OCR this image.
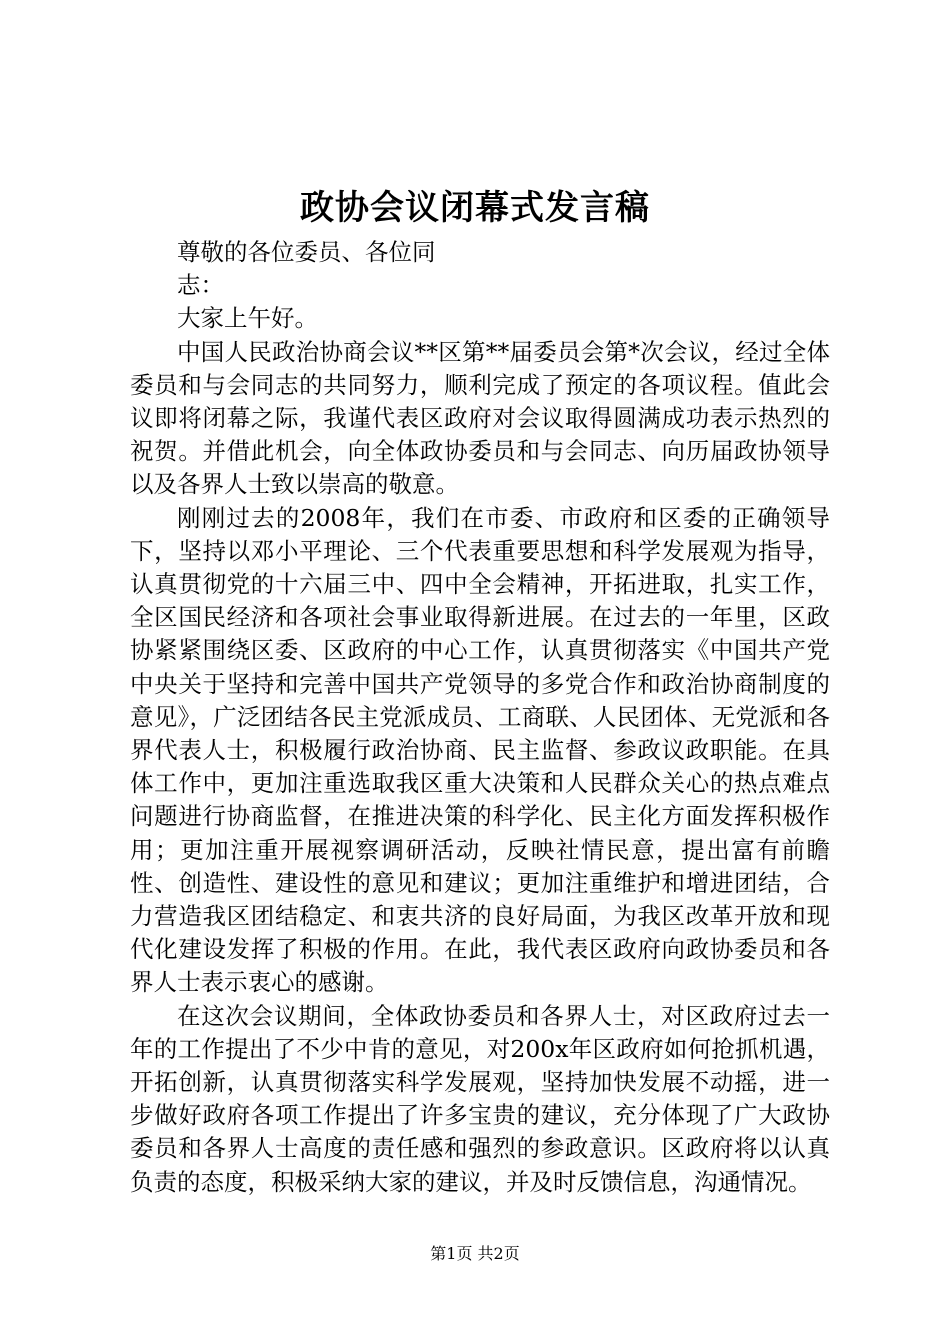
政协会议闭幕式发言稿

尊敬的各位委员、各位同志：

大家上午好。

中国人民政治协商会议**区第**届委员会第*次会议，经过全体委员和与会同志的共同努力，顺利完成了预定的各项议程。值此会议即将闭幕之际，我谨代表区政府对会议取得圆满成功表示热烈的祝贺。并借此机会，向全体政协委员和与会同志、向历届政协领导以及各界人士致以崇高的敬意。

刚刚过去的2008年，我们在市委、市政府和区委的正确领导下，坚持以邓小平理论、三个代表重要思想和科学发展观为指导，认真贯彻党的十六届三中、四中全会精神，开拓进取，扎实工作，全区国民经济和各项社会事业取得新进展。在过去的一年里，区政协紧紧围绕区委、区政府的中心工作，认真贯彻落实《中国共产党中央关于坚持和完善中国共产党领导的多党合作和政治协商制度的意见》，广泛团结各民主党派成员、工商联、人民团体、无党派和各界代表人士，积极履行政治协商、民主监督、参政议政职能。在具体工作中，更加注重选取我区重大决策和人民群众关心的热点难点问题进行协商监督，在推进决策的科学化、民主化方面发挥积极作用；更加注重开展视察调研活动，反映社情民意，提出富有前瞻性、创造性、建设性的意见和建议；更加注重维护和增进团结，合力营造我区团结稳定、和衷共济的良好局面，为我区改革开放和现代化建设发挥了积极的作用。在此，我代表区政府向政协委员和各界人士表示衷心的感谢。

在这次会议期间，全体政协委员和各界人士，对区政府过去一年的工作提出了不少中肯的意见，对200x年区政府如何抢抓机遇，开拓创新，认真贯彻落实科学发展观，坚持加快发展不动摇，进一步做好政府各项工作提出了许多宝贵的建议，充分体现了广大政协委员和各界人士高度的责任感和强烈的参政意识。区政府将以认真负责的态度，积极采纳大家的建议，并及时反馈信息，沟通情况。

第1页 共2页
